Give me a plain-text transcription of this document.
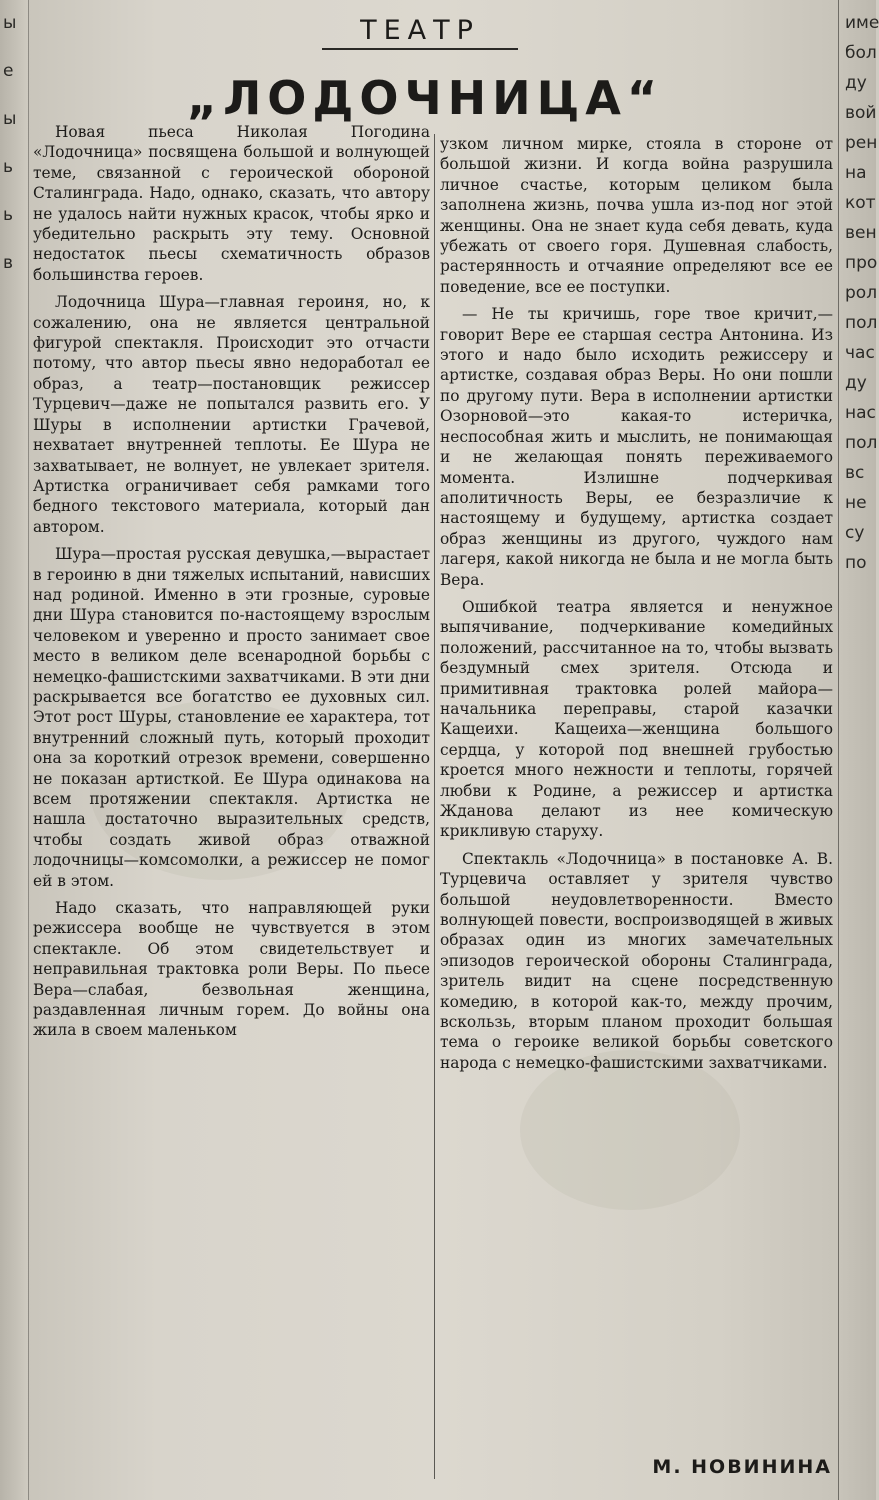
ы
е
ы
ь
ь
в
име
бол
ду
вой
рен
на
кот
вен
про
рол
пол
час
ду
нас
пол
вс
не
су
по
ТЕАТР
„ЛОДОЧНИЦА“

Новая пьеса Николая Погодина «Лодочница» посвящена большой и волнующей теме, связанной с героической обороной Сталинграда. Надо, однако, сказать, что автору не удалось найти нужных красок, чтобы ярко и убедительно раскрыть эту тему. Основной недостаток пьесы схематичность образов большинства героев.

Лодочница Шура—главная героиня, но, к сожалению, она не является центральной фигурой спектакля. Происходит это отчасти потому, что автор пьесы явно недоработал ее образ, а театр—постановщик режиссер Турцевич—даже не попытался развить его. У Шуры в исполнении артистки Грачевой, нехватает внутренней теплоты. Ее Шура не захватывает, не волнует, не увлекает зрителя. Артистка ограничивает себя рамками того бедного текстового материала, который дан автором.

Шура—простая русская девушка,—вырастает в героиню в дни тяжелых испытаний, нависших над родиной. Именно в эти грозные, суровые дни Шура становится по-настоящему взрослым человеком и уверенно и просто занимает свое место в великом деле всенародной борьбы с немецко-фашистскими захватчиками. В эти дни раскрывается все богатство ее духовных сил. Этот рост Шуры, становление ее характера, тот внутренний сложный путь, который проходит она за короткий отрезок времени, совершенно не показан артисткой. Ее Шура одинакова на всем протяжении спектакля. Артистка не нашла достаточно выразительных средств, чтобы создать живой образ отважной лодочницы—комсомолки, а режиссер не помог ей в этом.

Надо сказать, что направляющей руки режиссера вообще не чувствуется в этом спектакле. Об этом свидетельствует и неправильная трактовка роли Веры. По пьесе Вера—слабая, безвольная женщина, раздавленная личным горем. До войны она жила в своем маленьком

узком личном мирке, стояла в стороне от большой жизни. И когда война разрушила личное счастье, которым целиком была заполнена жизнь, почва ушла из-под ног этой женщины. Она не знает куда себя девать, куда убежать от своего горя. Душевная слабость, растерянность и отчаяние определяют все ее поведение, все ее поступки.

— Не ты кричишь, горе твое кричит,—говорит Вере ее старшая сестра Антонина. Из этого и надо было исходить режиссеру и артистке, создавая образ Веры. Но они пошли по другому пути. Вера в исполнении артистки Озорновой—это какая-то истеричка, неспособная жить и мыслить, не понимающая и не желающая понять переживаемого момента. Излишне подчеркивая аполитичность Веры, ее безразличие к настоящему и будущему, артистка создает образ женщины из другого, чуждого нам лагеря, какой никогда не была и не могла быть Вера.

Ошибкой театра является и ненужное выпячивание, подчеркивание комедийных положений, рассчитанное на то, чтобы вызвать бездумный смех зрителя. Отсюда и примитивная трактовка ролей майора—начальника переправы, старой казачки Кащеихи. Кащеиха—женщина большого сердца, у которой под внешней грубостью кроется много нежности и теплоты, горячей любви к Родине, а режиссер и артистка Жданова делают из нее комическую крикливую старуху.

Спектакль «Лодочница» в постановке А. В. Турцевича оставляет у зрителя чувство большой неудовлетворенности. Вместо волнующей повести, воспроизводящей в живых образах один из многих замечательных эпизодов героической обороны Сталинграда, зритель видит на сцене посредственную комедию, в которой как-то, между прочим, вскользь, вторым планом проходит большая тема о героике великой борьбы советского народа с немецко-фашистскими захватчиками.

М. НОВИНИНА
